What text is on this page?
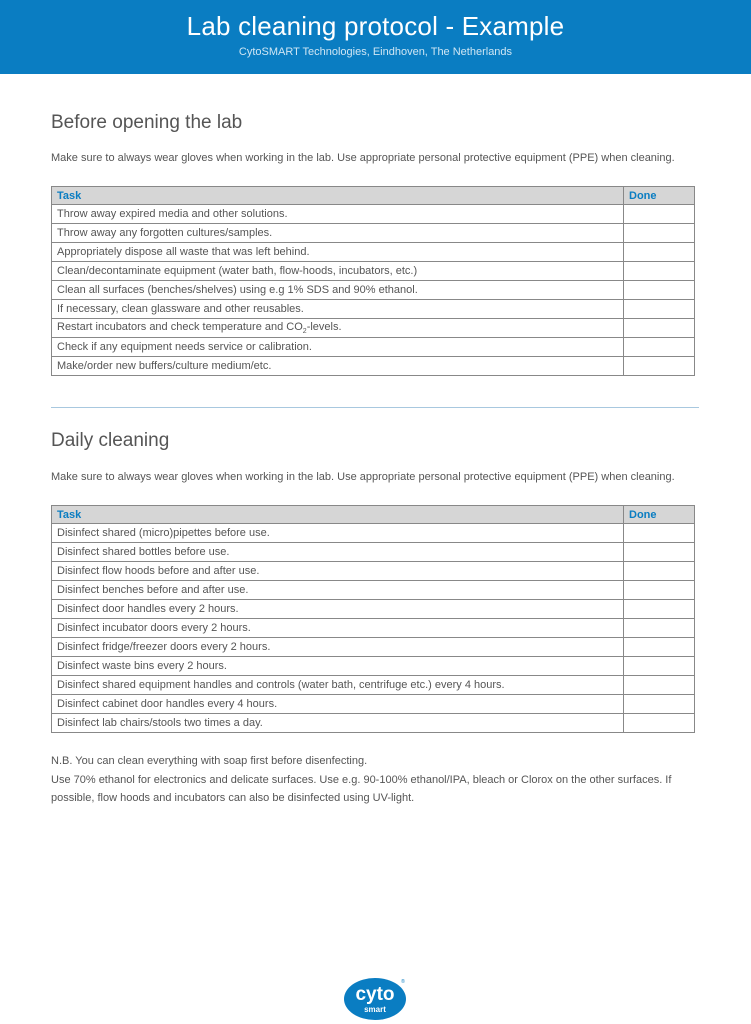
Lab cleaning protocol - Example
CytoSMART Technologies, Eindhoven, The Netherlands
Before opening the lab
Make sure to always wear gloves when working in the lab. Use appropriate personal protective equipment (PPE) when cleaning.
Task	Done
Throw away expired media and other solutions.	
Throw away any forgotten cultures/samples.	
Appropriately dispose all waste that was left behind.	
Clean/decontaminate equipment (water bath, flow-hoods, incubators, etc.)	
Clean all surfaces (benches/shelves) using e.g 1% SDS and 90% ethanol.	
If necessary, clean glassware and other reusables.	
Restart incubators and check temperature and $CO_2$-levels.	
Check if any equipment needs service or calibration.	
Make/order new buffers/culture medium/etc.	
Daily cleaning
Make sure to always wear gloves when working in the lab. Use appropriate personal protective equipment (PPE) when cleaning.
Task	Done
Disinfect shared (micro)pipettes before use.	
Disinfect shared bottles before use.	
Disinfect flow hoods before and after use.	
Disinfect benches before and after use.	
Disinfect door handles every 2 hours.	
Disinfect incubator doors every 2 hours.	
Disinfect fridge/freezer doors every 2 hours.	
Disinfect waste bins every 2 hours.	
Disinfect shared equipment handles and controls (water bath, centrifuge etc.) every 4 hours.	
Disinfect cabinet door handles every 4 hours.	
Disinfect lab chairs/stools two times a day.	

N.B. You can clean everything with soap first before disenfecting.

Use 70% ethanol for electronics and delicate surfaces. Use e.g. 90-100% ethanol/IPA, bleach or Clorox on the other surfaces. If possible, flow hoods and incubators can also be disinfected using UV-light.

cyto
smart
®
